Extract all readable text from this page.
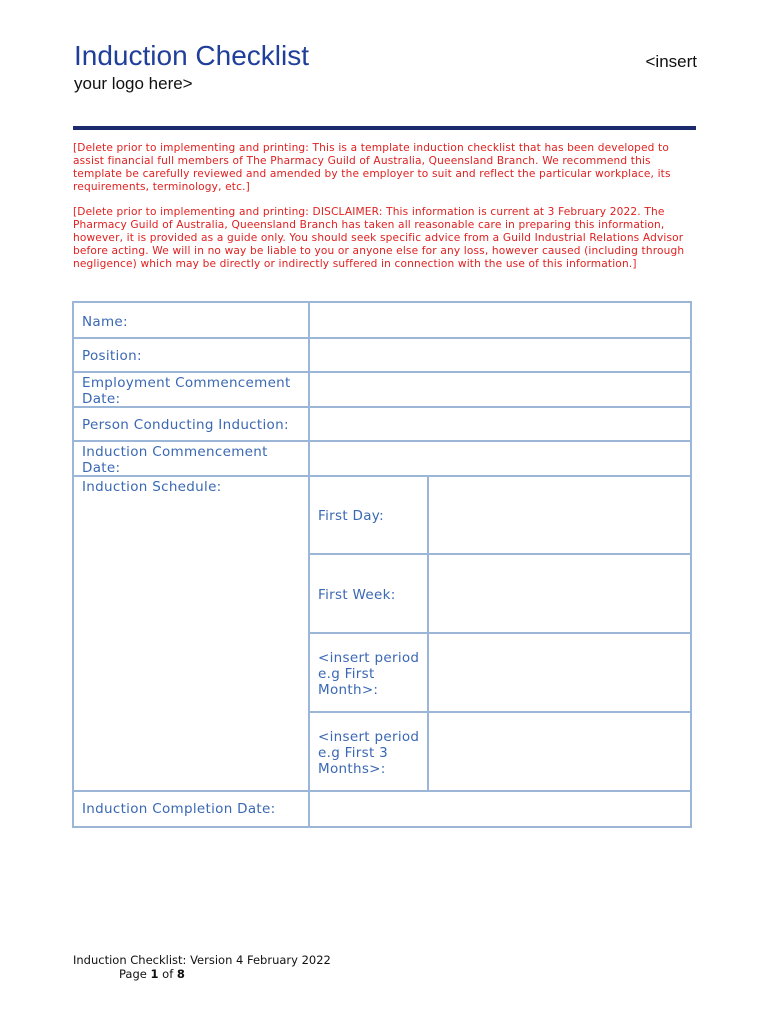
Induction Checklist	<insert
your logo here>
[Delete prior to implementing and printing: This is a template induction checklist that has been developed to assist financial full members of The Pharmacy Guild of Australia, Queensland Branch. We recommend this template be carefully reviewed and amended by the employer to suit and reflect the particular workplace, its requirements, terminology, etc.]
[Delete prior to implementing and printing: DISCLAIMER: This information is current at 3 February 2022. The Pharmacy Guild of Australia, Queensland Branch has taken all reasonable care in preparing this information, however, it is provided as a guide only. You should seek specific advice from a Guild Industrial Relations Advisor before acting. We will in no way be liable to you or anyone else for any loss, however caused (including through negligence) which may be directly or indirectly suffered in connection with the use of this information.]
Name:
Position:
Employment Commencement Date:
Person Conducting Induction:
Induction Commencement Date:
Induction Schedule:
First Day:
First Week:
<insert period e.g First Month>:
<insert period e.g First 3 Months>:
Induction Completion Date:
Induction Checklist: Version 4 February 2022
Page 1 of 8
